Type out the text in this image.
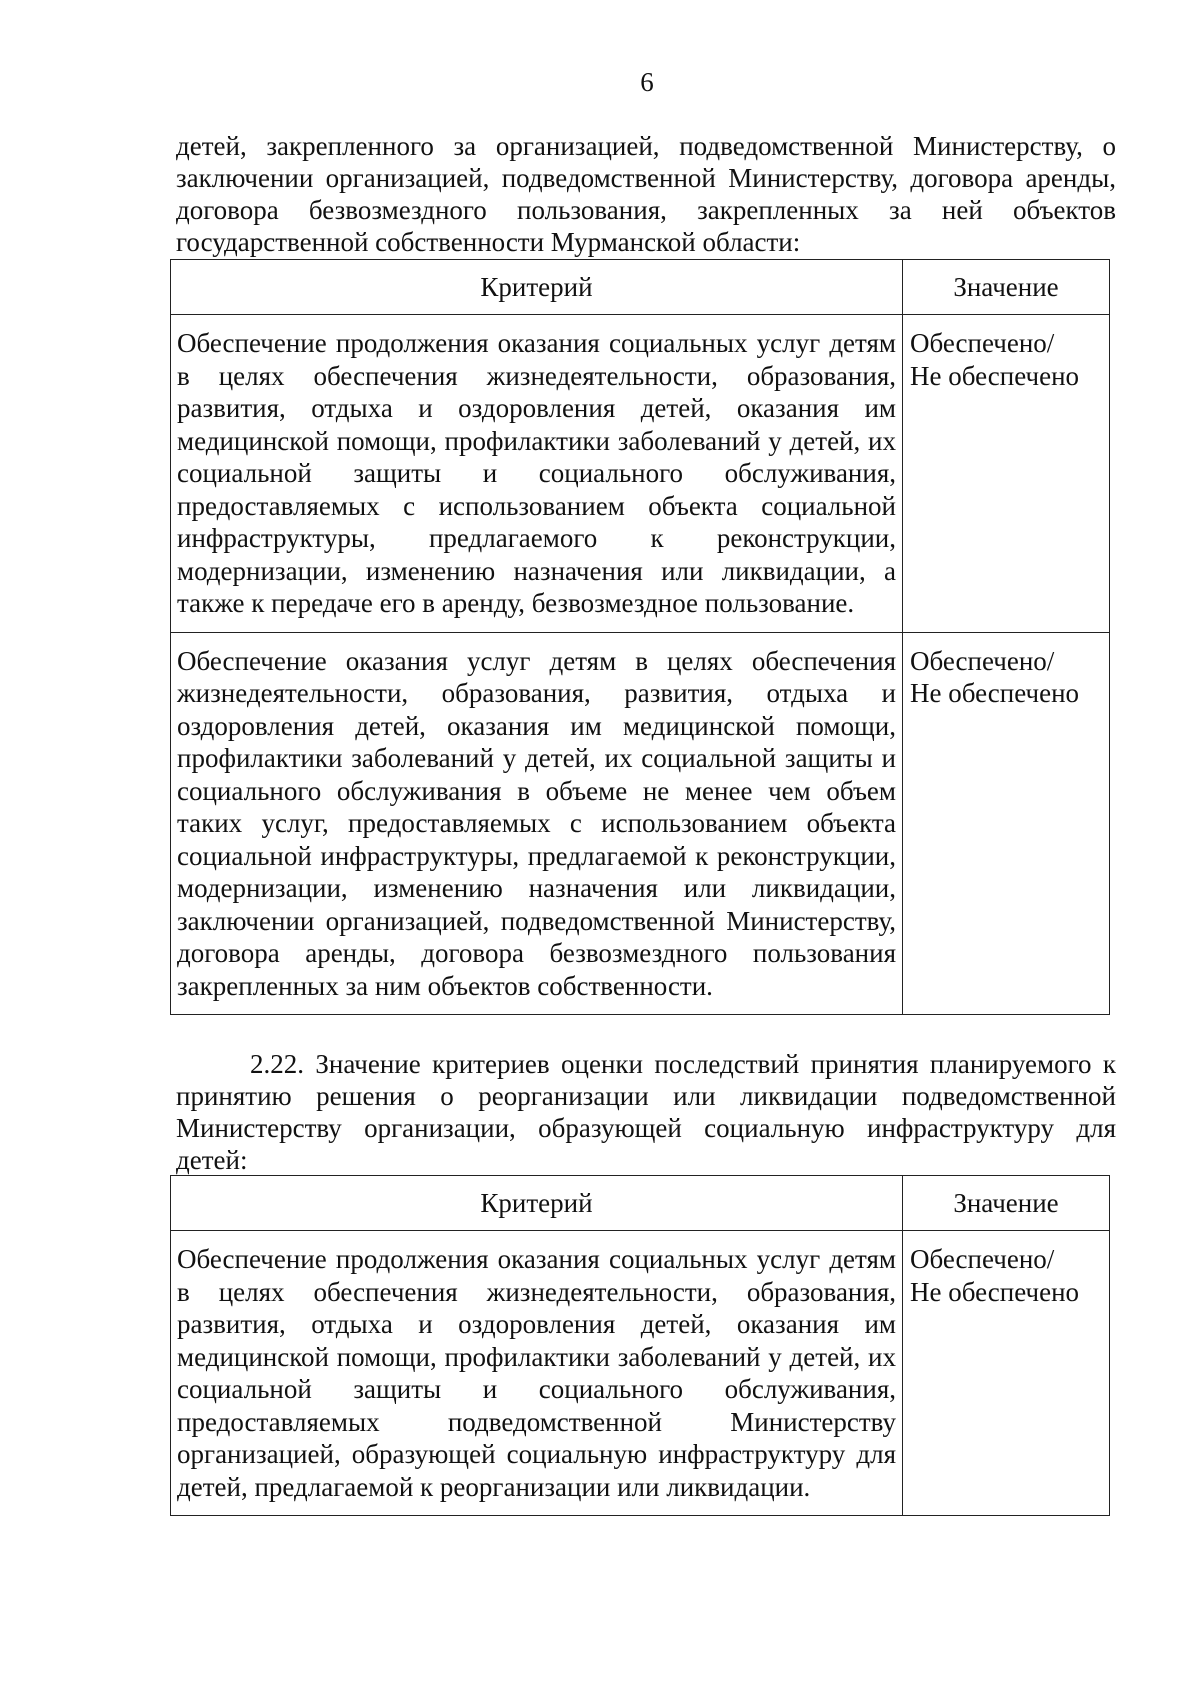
6
детей, закрепленного за организацией, подведомственной Министерству, о заключении организацией, подведомственной Министерству, договора аренды, договора безвозмездного пользования, закрепленных за ней объектов государственной собственности Мурманской области:
Критерий	Значение
Обеспечение продолжения оказания социальных услуг детям в целях обеспечения жизнедеятельности, образования, развития, отдыха и оздоровления детей, оказания им медицинской помощи, профилактики заболеваний у детей, их социальной защиты и социального обслуживания, предоставляемых с использованием объекта социальной инфраструктуры, предлагаемого к реконструкции, модернизации, изменению назначения или ликвидации, а также к передаче его в аренду, безвозмездное пользование.	Обеспечено/
Не обеспечено

Обеспечение оказания услуг детям в целях обеспечения жизнедеятельности, образования, развития, отдыха и оздоровления детей, оказания им медицинской помощи, профилактики заболеваний у детей, их социальной защиты и социального обслуживания в объеме не менее чем объем таких услуг, предоставляемых с использованием объекта социальной инфраструктуры, предлагаемой к реконструкции, модернизации, изменению назначения или ликвидации, заключении организацией, подведомственной Министерству, договора аренды, договора безвозмездного пользования закрепленных за ним объектов собственности.	Обеспечено/
Не обеспечено
2.22. Значение критериев оценки последствий принятия планируемого к принятию решения о реорганизации или ликвидации подведомственной Министерству организации, образующей социальную инфраструктуру для детей:
Критерий	Значение
Обеспечение продолжения оказания социальных услуг детям в целях обеспечения жизнедеятельности, образования, развития, отдыха и оздоровления детей, оказания им медицинской помощи, профилактики заболеваний у детей, их социальной защиты и социального обслуживания, предоставляемых подведомственной Министерству организацией, образующей социальную инфраструктуру для детей, предлагаемой к реорганизации или ликвидации.	Обеспечено/
Не обеспечено
